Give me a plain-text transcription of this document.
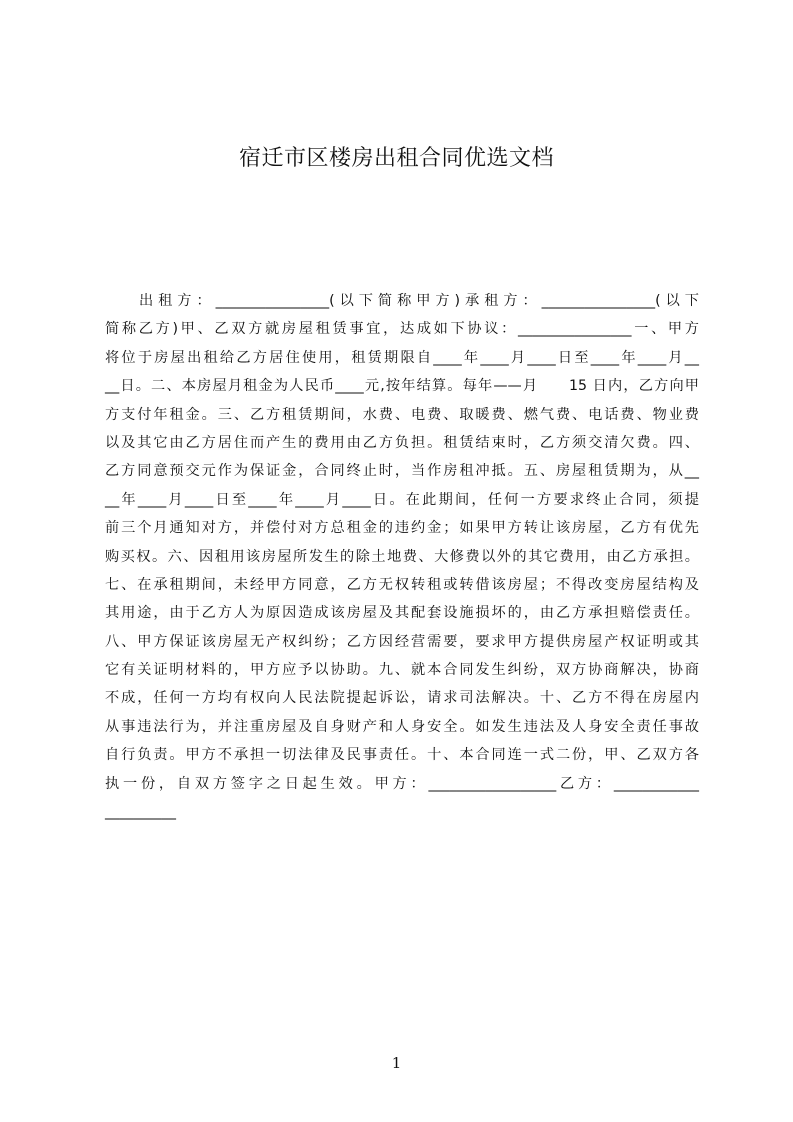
宿迁市区楼房出租合同优选文档
出租方：________________(以下简称甲方)承租方：________________(以下
简称乙方)甲、乙双方就房屋租赁事宜，达成如下协议：________________一、甲方
将位于房屋出租给乙方居住使用，租赁期限自____年____月____日至____年____月__
__日。二、本房屋月租金为人民币____元,按年结算。每年——月　　15 日内，乙方向甲
方支付年租金。三、乙方租赁期间，水费、电费、取暖费、燃气费、电话费、物业费
以及其它由乙方居住而产生的费用由乙方负担。租赁结束时，乙方须交清欠费。四、
乙方同意预交元作为保证金，合同终止时，当作房租冲抵。五、房屋租赁期为，从__
__年____月____日至____年____月____日。在此期间，任何一方要求终止合同，须提
前三个月通知对方，并偿付对方总租金的违约金；如果甲方转让该房屋，乙方有优先
购买权。六、因租用该房屋所发生的除土地费、大修费以外的其它费用，由乙方承担。
七、在承租期间，未经甲方同意，乙方无权转租或转借该房屋；不得改变房屋结构及
其用途，由于乙方人为原因造成该房屋及其配套设施损坏的，由乙方承担赔偿责任。
八、甲方保证该房屋无产权纠纷；乙方因经营需要，要求甲方提供房屋产权证明或其
它有关证明材料的，甲方应予以协助。九、就本合同发生纠纷，双方协商解决，协商
不成，任何一方均有权向人民法院提起诉讼，请求司法解决。十、乙方不得在房屋内
从事违法行为，并注重房屋及自身财产和人身安全。如发生违法及人身安全责任事故
自行负责。甲方不承担一切法律及民事责任。十、本合同连一式二份，甲、乙双方各
执一份，自双方签字之日起生效。甲方：__________________乙方：____________
__________
1
